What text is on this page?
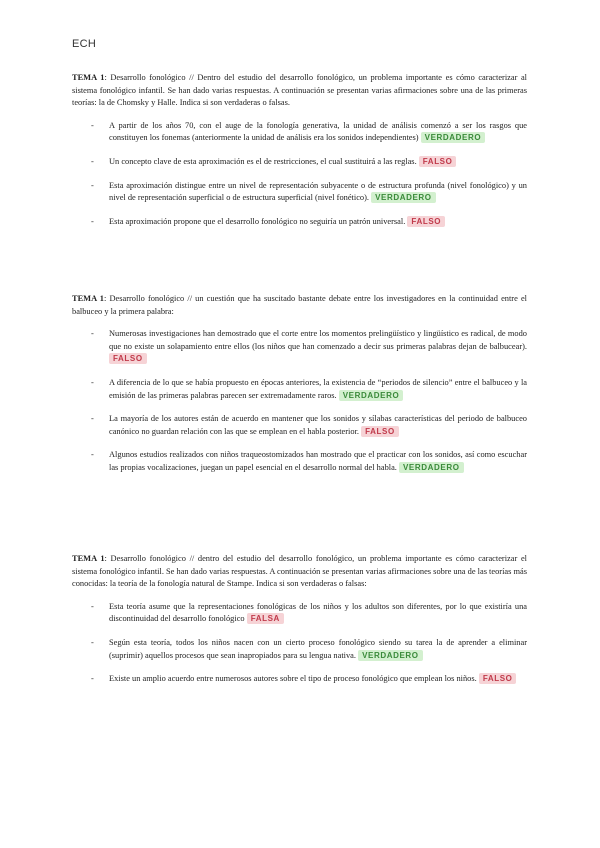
ECH

TEMA 1: Desarrollo fonológico // Dentro del estudio del desarrollo fonológico, un problema importante es cómo caracterizar al sistema fonológico infantil. Se han dado varias respuestas. A continuación se presentan varias afirmaciones sobre una de las primeras teorías: la de Chomsky y Halle. Indica si son verdaderas o falsas.

- A partir de los años 70, con el auge de la fonología generativa, la unidad de análisis comenzó a ser los rasgos que constituyen los fonemas (anteriormente la unidad de análisis era los sonidos independientes) VERDADERO
- Un concepto clave de esta aproximación es el de restricciones, el cual sustituirá a las reglas. FALSO
- Esta aproximación distingue entre un nivel de representación subyacente o de estructura profunda (nivel fonológico) y un nivel de representación superficial o de estructura superficial (nivel fonético). VERDADERO
- Esta aproximación propone que el desarrollo fonológico no seguiría un patrón universal. FALSO

TEMA 1: Desarrollo fonológico // un cuestión que ha suscitado bastante debate entre los investigadores en la continuidad entre el balbuceo y la primera palabra:

- Numerosas investigaciones han demostrado que el corte entre los momentos prelingüístico y lingüístico es radical, de modo que no existe un solapamiento entre ellos (los niños que han comenzado a decir sus primeras palabras dejan de balbucear). FALSO
- A diferencia de lo que se había propuesto en épocas anteriores, la existencia de “periodos de silencio” entre el balbuceo y la emisión de las primeras palabras parecen ser extremadamente raros. VERDADERO
- La mayoría de los autores están de acuerdo en mantener que los sonidos y sílabas características del periodo de balbuceo canónico no guardan relación con las que se emplean en el habla posterior. FALSO
- Algunos estudios realizados con niños traqueostomizados han mostrado que el practicar con los sonidos, así como escuchar las propias vocalizaciones, juegan un papel esencial en el desarrollo normal del habla. VERDADERO

TEMA 1: Desarrollo fonológico // dentro del estudio del desarrollo fonológico, un problema importante es cómo caracterizar el sistema fonológico infantil. Se han dado varias respuestas. A continuación se presentan varias afirmaciones sobre una de las teorías más conocidas: la teoría de la fonología natural de Stampe. Indica si son verdaderas o falsas:

- Esta teoría asume que la representaciones fonológicas de los niños y los adultos son diferentes, por lo que existiría una discontinuidad del desarrollo fonológico FALSA
- Según esta teoría, todos los niños nacen con un cierto proceso fonológico siendo su tarea la de aprender a eliminar (suprimir) aquellos procesos que sean inapropiados para su lengua nativa. VERDADERO
- Existe un amplio acuerdo entre numerosos autores sobre el tipo de proceso fonológico que emplean los niños. FALSO
